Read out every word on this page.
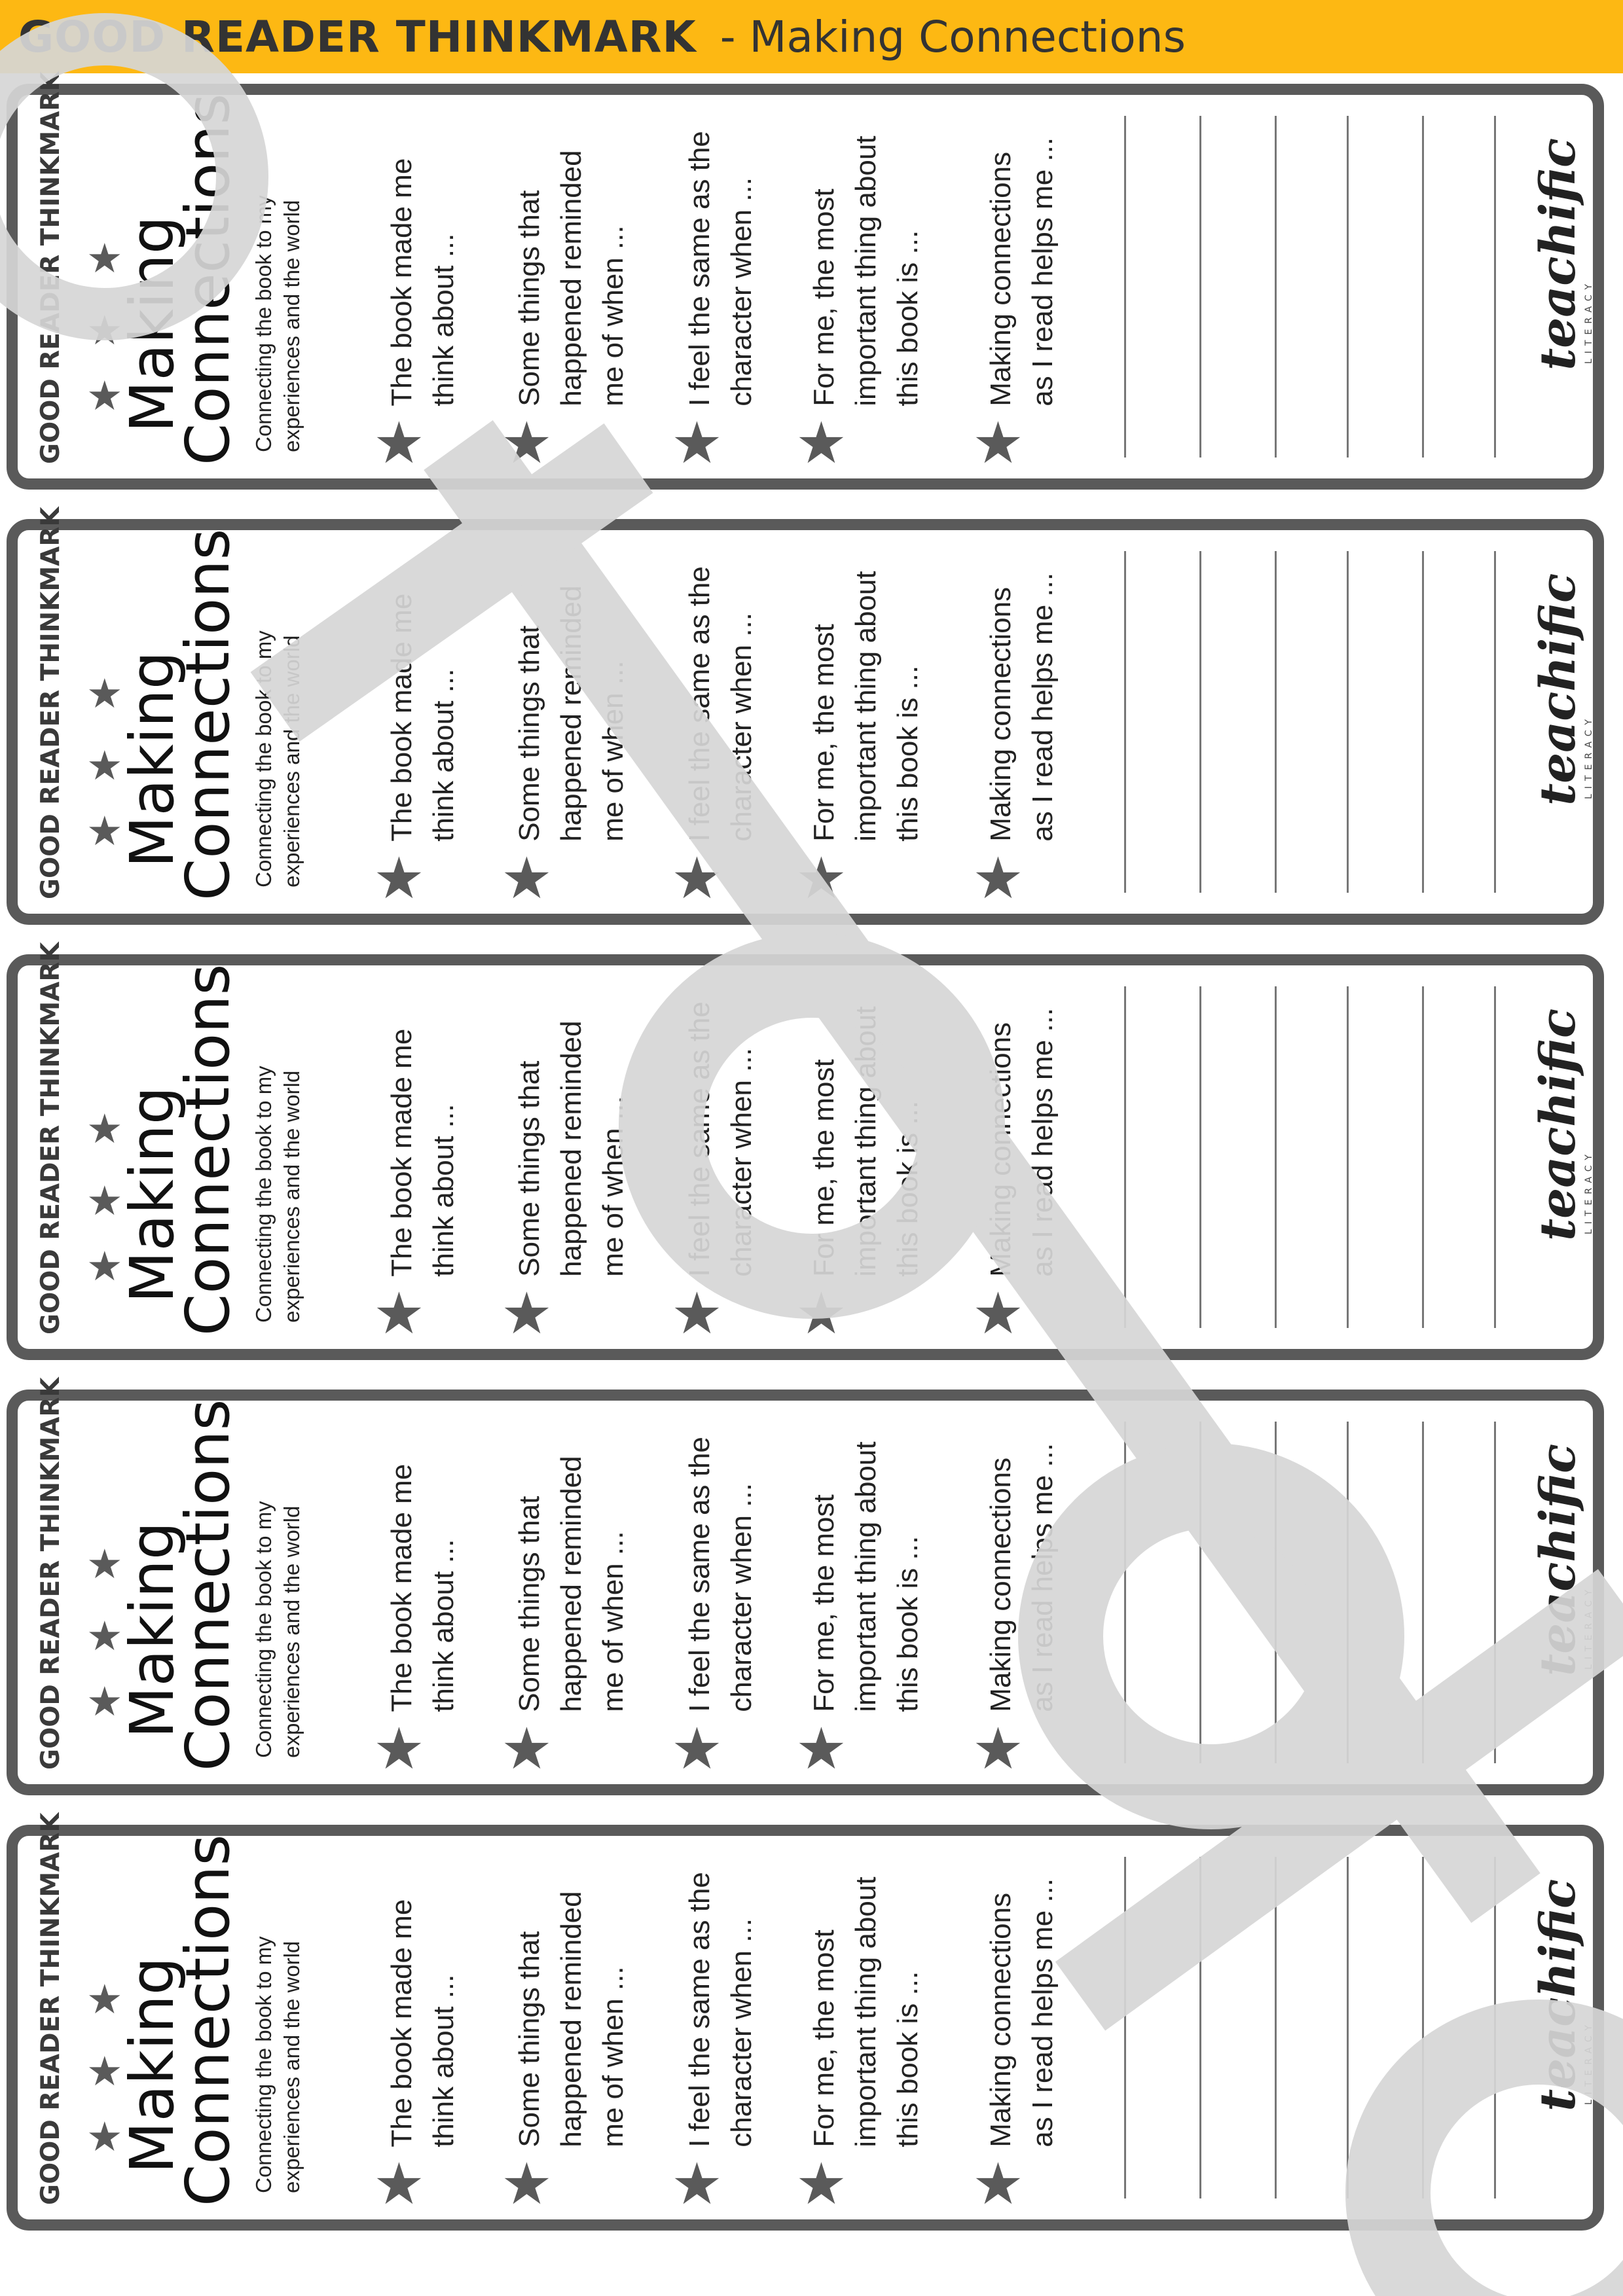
GOOD READER THINKMARK - Making Connections
GOOD READER THINKMARK ★
★
★
Making
Connections Connecting the book to my experiences and the world ★
The book made me think about ...
★
Some things that happened reminded me of when ...
★
I feel the same as the character when ...
★
For me, the most important thing about this book is ...
★
Making connections as I read helps me ...	teachific
LITERACY
GOOD READER THINKMARK ★
★
★
Making
Connections Connecting the book to my experiences and the world ★
The book made me think about ...
★
Some things that happened reminded me of when ...
★
I feel the same as the character when ...
★
For me, the most important thing about this book is ...
★
Making connections as I read helps me ...	teachific
LITERACY
GOOD READER THINKMARK ★
★
★
Making
Connections Connecting the book to my experiences and the world ★
The book made me think about ...
★
Some things that happened reminded me of when ...
★
I feel the same as the character when ...
★
For me, the most important thing about this book is ...
★
Making connections as I read helps me ...	teachific
LITERACY
GOOD READER THINKMARK ★
★
★
Making
Connections Connecting the book to my experiences and the world ★
The book made me think about ...
★
Some things that happened reminded me of when ...
★
I feel the same as the character when ...
★
For me, the most important thing about this book is ...
★
Making connections as I read helps me ...	teachific
LITERACY
GOOD READER THINKMARK ★
★
★
Making
Connections Connecting the book to my experiences and the world ★
The book made me think about ...
★
Some things that happened reminded me of when ...
★
I feel the same as the character when ...
★
For me, the most important thing about this book is ...
★
Making connections as I read helps me ...	teachific
LITERACY
